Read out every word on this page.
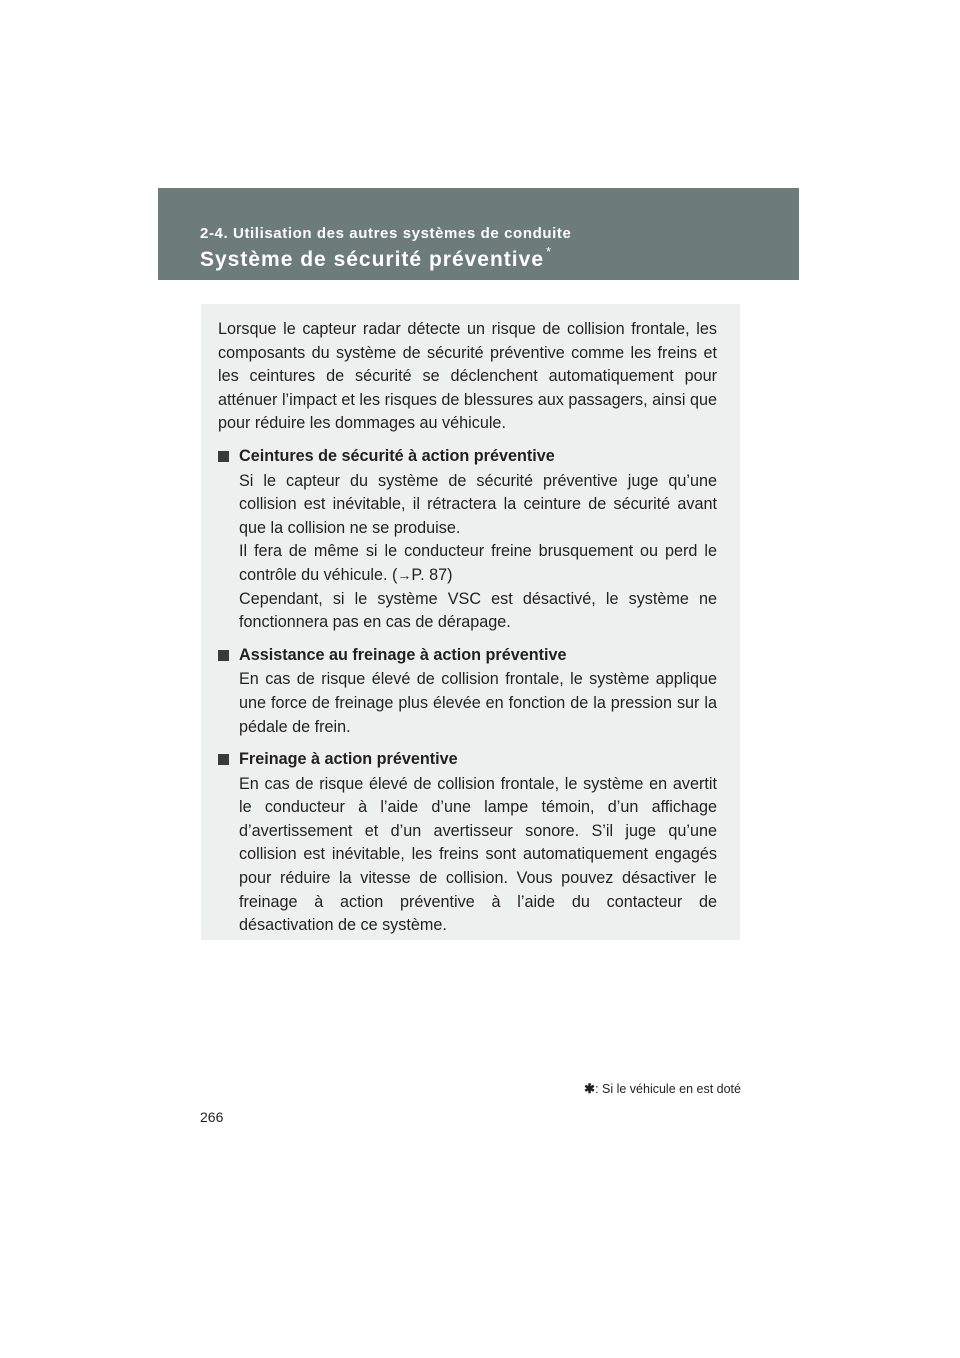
2-4. Utilisation des autres systèmes de conduite
Système de sécurité préventive *

Lorsque le capteur radar détecte un risque de collision frontale, les composants du système de sécurité préventive comme les freins et les ceintures de sécurité se déclenchent automatiquement pour atténuer l’impact et les risques de blessures aux passagers, ainsi que pour réduire les dommages au véhicule.

Ceintures de sécurité à action préventive

Si le capteur du système de sécurité préventive juge qu’une collision est inévitable, il rétractera la ceinture de sécurité avant que la collision ne se produise.

Il fera de même si le conducteur freine brusquement ou perd le contrôle du véhicule. (→P. 87)

Cependant, si le système VSC est désactivé, le système ne fonctionnera pas en cas de dérapage.

Assistance au freinage à action préventive

En cas de risque élevé de collision frontale, le système applique une force de freinage plus élevée en fonction de la pression sur la pédale de frein.

Freinage à action préventive

En cas de risque élevé de collision frontale, le système en avertit le conducteur à l’aide d’une lampe témoin, d’un affichage d’avertissement et d’un avertisseur sonore. S’il juge qu’une collision est inévitable, les freins sont automatiquement engagés pour réduire la vitesse de collision. Vous pouvez désactiver le freinage à action préventive à l’aide du contacteur de désactivation de ce système.

✱: Si le véhicule en est doté
266
